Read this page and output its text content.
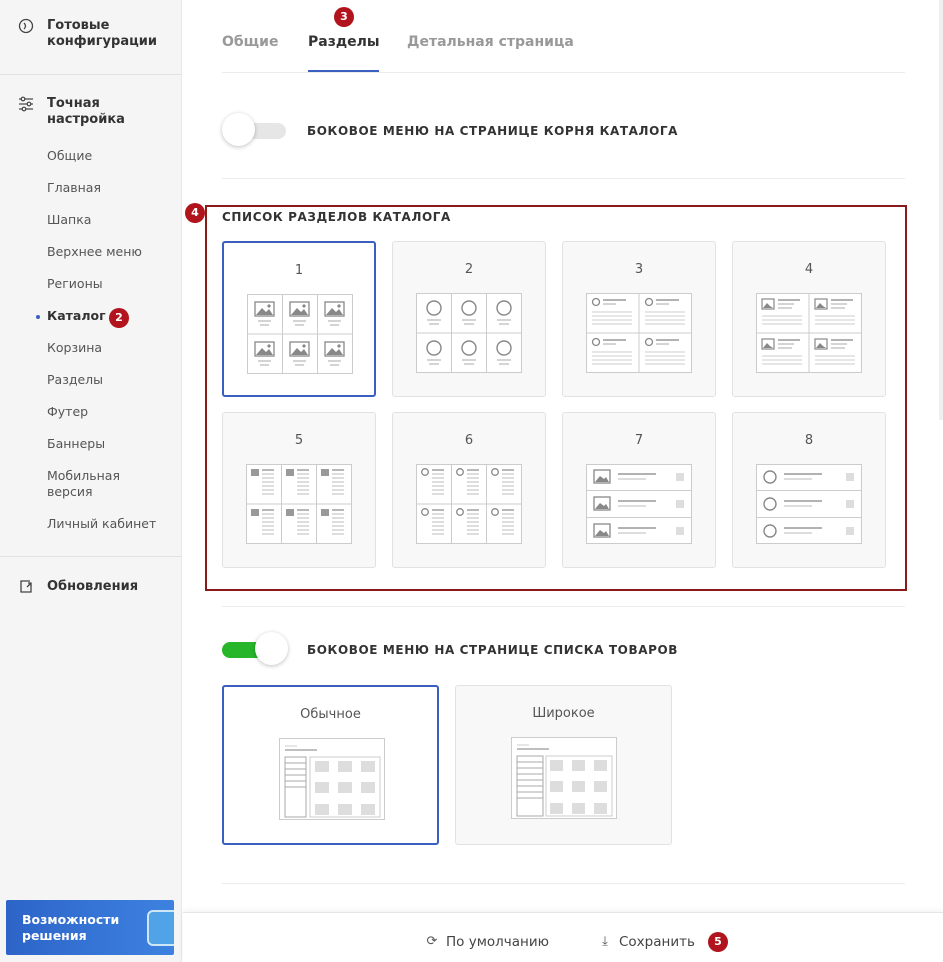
Готовые конфигурации
Точная настройка
Общие
Главная
Шапка
Верхнее меню
Регионы
Каталог 2
Корзина
Разделы
Футер
Баннеры
Мобильная версия
Личный кабинет
Обновления
Возможности решения
Общие Разделы Детальная страница
3
БОКОВОЕ МЕНЮ НА СТРАНИЦЕ КОРНЯ КАТАЛОГА
4	СПИСОК РАЗДЕЛОВ КАТАЛОГА
1	2	3	4
5	6	7	8
БОКОВОЕ МЕНЮ НА СТРАНИЦЕ СПИСКА ТОВАРОВ
Обычное	Широкое
⟳ По умолчанию	⤓ Сохранить	5
